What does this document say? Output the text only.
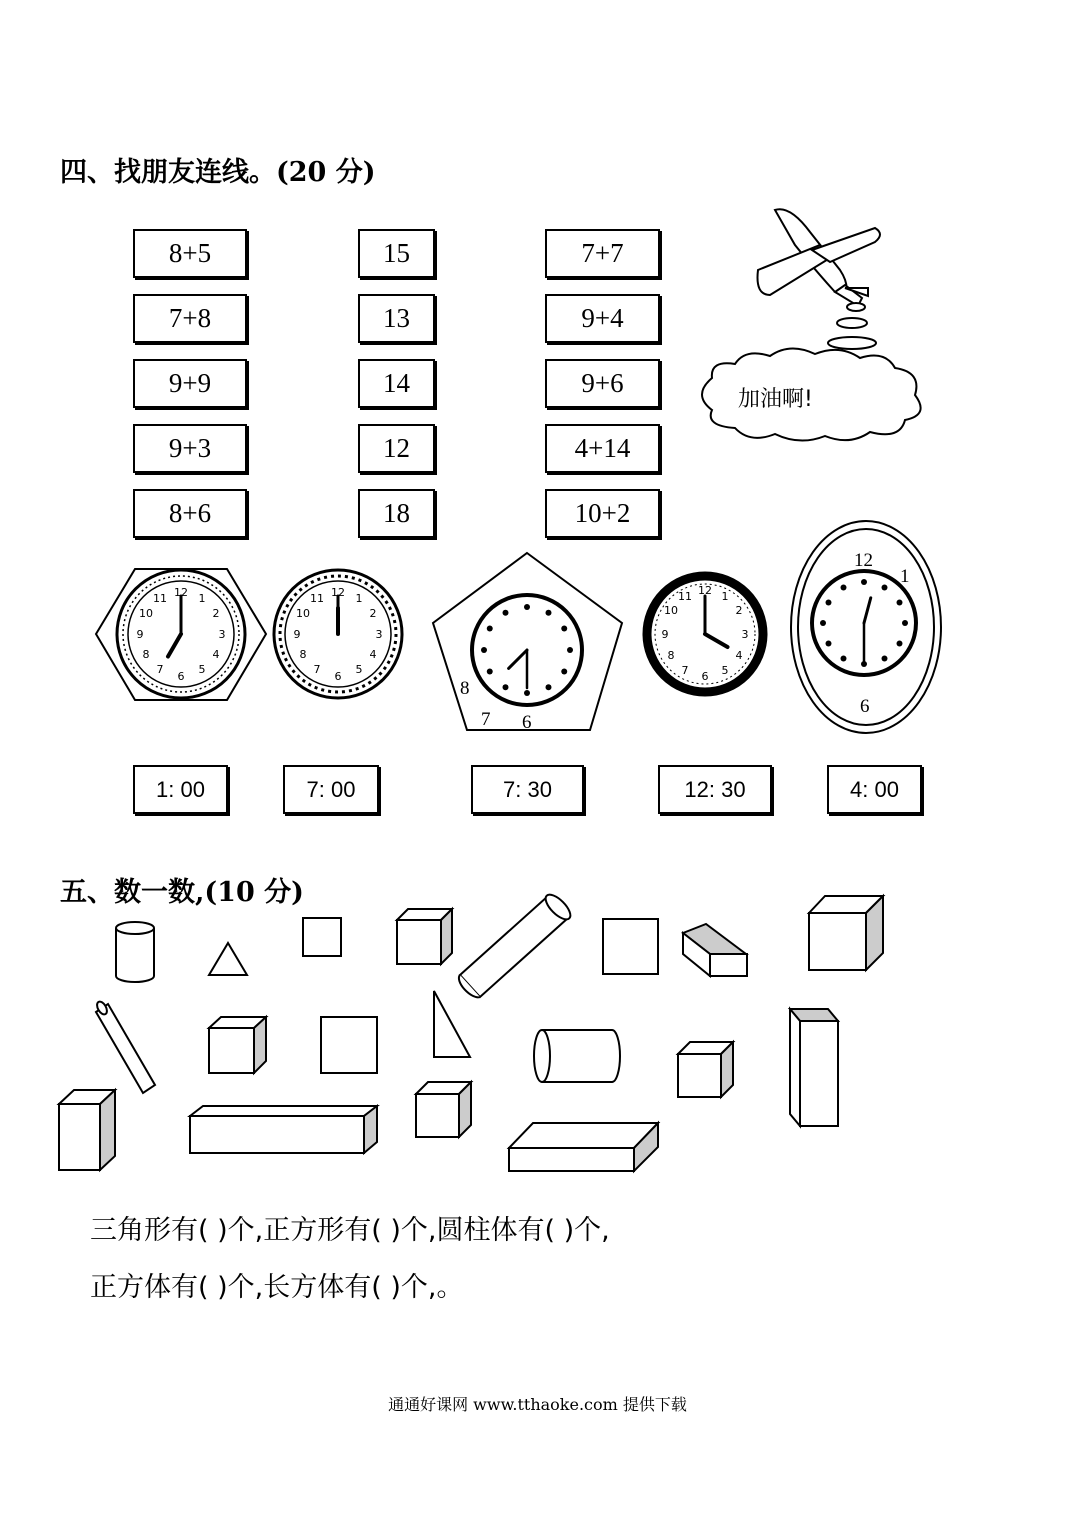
四、找朋友连线。(20 分)
8+5
7+8
9+9
9+3
8+6
15
13
14
12
18
7+7
9+4
9+6
4+14
10+2
加油啊!
12 1
2
3
4
5
6
7
8
9
10
11	12 1
2
3
4
5
6
7
8
9
10
11
8
7 6
12 1
2
3
4
5
6
7
8
9
10
11
12
1
6
1: 00	7: 00	7: 30	12: 30	4: 00
五、数一数,(10 分)
三角形有( )个,正方形有( )个,圆柱体有( )个,
正方体有( )个,长方体有( )个,。
通通好课网 www.tthaoke.com 提供下载
